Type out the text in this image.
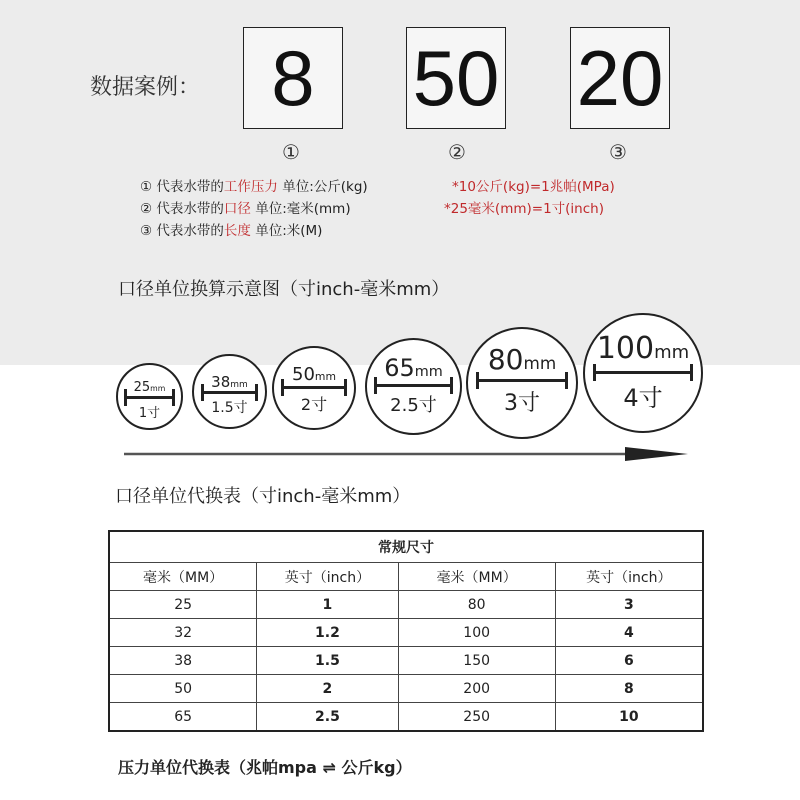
数据案例： 8	50 20
①	②	③
① 代表水带的工作压力 单位:公斤(kg)	*10公斤(kg)=1兆帕(MPa)
② 代表水带的口径 单位:毫米(mm)	*25毫米(mm)=1寸(inch)
③ 代表水带的长度 单位:米(M)
口径单位换算示意图（寸inch-毫米mm）
25mm
1寸
38mm
1.5寸
50mm
2寸
65mm
2.5寸
80mm
3寸
100mm
4寸
口径单位代换表（寸inch-毫米mm）
常规尺寸			
毫米（MM）	英寸（inch）	毫米（MM）	英寸（inch）
25	1	80	3
32	1.2	100	4
38	1.5	150	6
50	2	200	8
65	2.5	250	10
压力单位代换表（兆帕mpa ⇌ 公斤kg）
